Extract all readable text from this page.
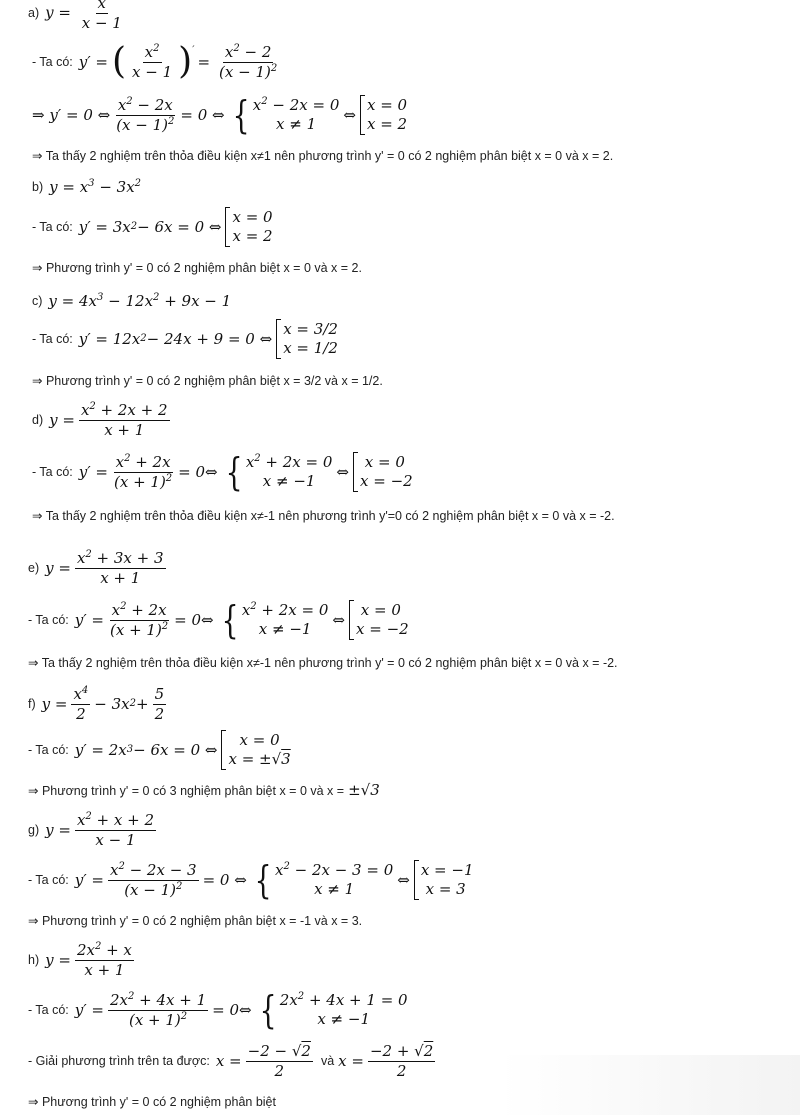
a) $y = \frac{x}{x - 1}$
- Ta có: y′ = ( $\frac{x^2}{x - 1}$ ) ′
= $\frac{x^2 - 2}{(x - 1)^2}$
⇒ y′ = 0 ⇔ $\frac{x^2 - 2x}{(x - 1)^2} = 0$ ⇔ { $x^2 - 2x = 0$
x ≠ 1 ⇔
x = 0
x = 2
⇒ Ta thấy 2 nghiệm trên thỏa điều kiện x≠1 nên phương trình y' = 0 có 2 nghiệm phân biệt x = 0 và x = 2.
b) $y = x^3 - 3x^2$
- Ta có: y′ = 3x 2 − 6x = 0 ⇔
x = 0
x = 2
⇒ Phương trình y' = 0 có 2 nghiệm phân biệt x = 0 và x = 2.
c) $y = 4x^3 - 12x^2 + 9x - 1$
- Ta có: y′ = 12x 2 − 24x + 9 = 0 ⇔
x = 3/2
x = 1/2
⇒ Phương trình y' = 0 có 2 nghiệm phân biệt x = 3/2 và x = 1/2.
d) $y = \frac{x^2 + 2x + 2}{x + 1}$
- Ta có: $y' = \frac{x^2 + 2x}{(x + 1)^2}$ = 0⇔ { $x^2 + 2x = 0$
x ≠ −1 ⇔
x = 0
x = −2
⇒ Ta thấy 2 nghiệm trên thỏa điều kiện x≠-1 nên phương trình y'=0 có 2 nghiệm phân biệt x = 0 và x = -2.
e) $y = \frac{x^2 + 3x + 3}{x + 1}$
- Ta có: $y' = \frac{x^2 + 2x}{(x + 1)^2}$ = 0⇔ { $x^2 + 2x = 0$
x ≠ −1 ⇔
x = 0
x = −2
⇒ Ta thấy 2 nghiệm trên thỏa điều kiện x≠-1 nên phương trình y' = 0 có 2 nghiệm phân biệt x = 0 và x = -2.
f) $y = \frac{x^4}{2} - 3x$ $2 + \frac{5}{2}$
- Ta có: y′ = 2x 3 − 6x = 0 ⇔
x = 0
x = ±√3
⇒ Phương trình y' = 0 có 3 nghiệm phân biệt x = 0 và x = ±√3
g) $y = \frac{x^2 + x + 2}{x - 1}$
- Ta có: $y' = \frac{x^2 - 2x - 3}{(x - 1)^2} = 0$ ⇔ { $x^2 - 2x - 3 = 0$
x ≠ 1	⇔
x = −1
x = 3
⇒ Phương trình y' = 0 có 2 nghiệm phân biệt x = -1 và x = 3.
h) $y = \frac{2x^2 + x}{x + 1}$
- Ta có: $y' = \frac{2x^2 + 4x + 1}{(x + 1)^2}$ = 0⇔ { $2x^2 + 4x + 1 = 0$
x ≠ −1
- Giải phương trình trên ta được: $x = \frac{-2 - √2}{2}$ và $x = \frac{-2 + √2}{2}$
⇒ Phương trình y' = 0 có 2 nghiệm phân biệt
